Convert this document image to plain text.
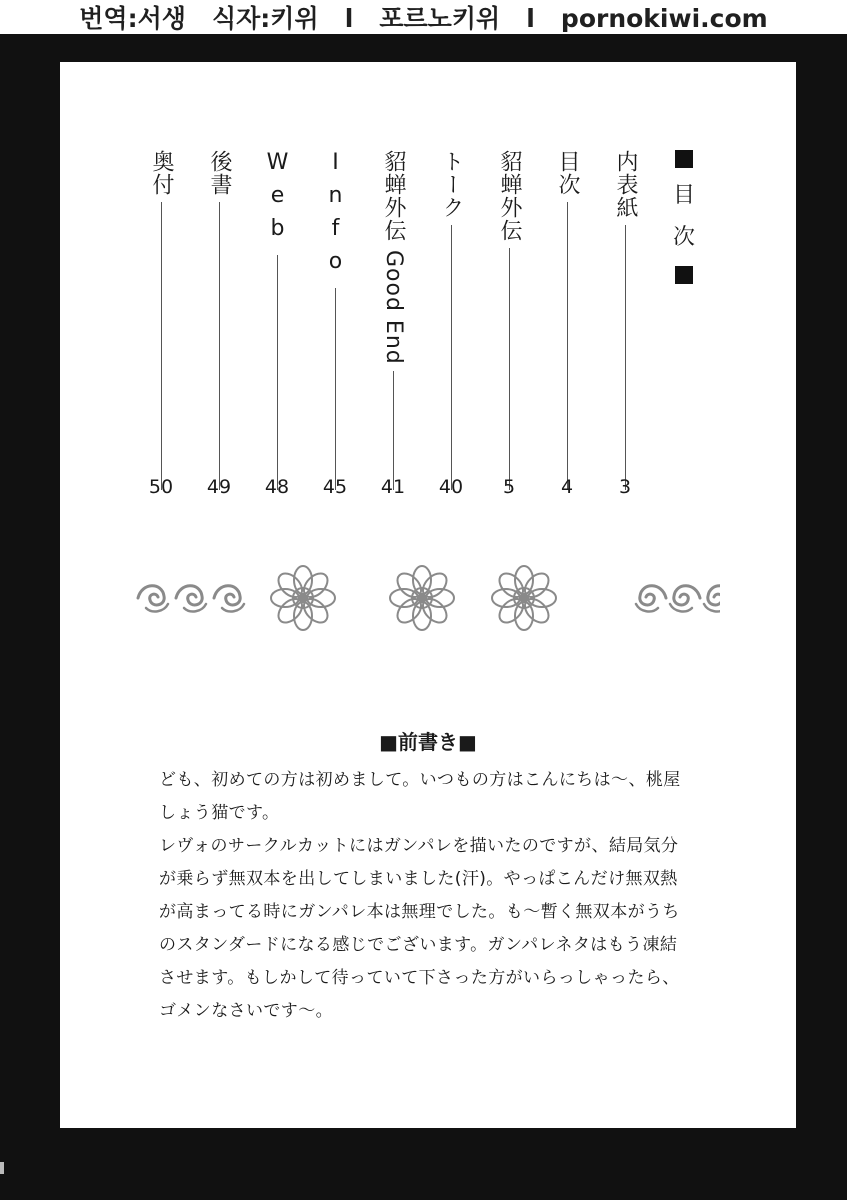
번역:서생   식자:키위   l   포르노키위   l   pornokiwi.com
目
次
内表紙
3
目次
4
貂蝉外伝
5
トーク
40
貂蝉外伝 Good End
41
Info
45
Web
48
後書
49
奥付
50
■前書き■
ども、初めての方は初めまして。いつもの方はこんにちは〜、桃屋
しょう猫です。
レヴォのサークルカットにはガンパレを描いたのですが、結局気分
が乗らず無双本を出してしまいました(汗)。やっぱこんだけ無双熱
が高まってる時にガンパレ本は無理でした。も〜暫く無双本がうち
のスタンダードになる感じでございます。ガンパレネタはもう凍結
させます。もしかして待っていて下さった方がいらっしゃったら、
ゴメンなさいです〜。
